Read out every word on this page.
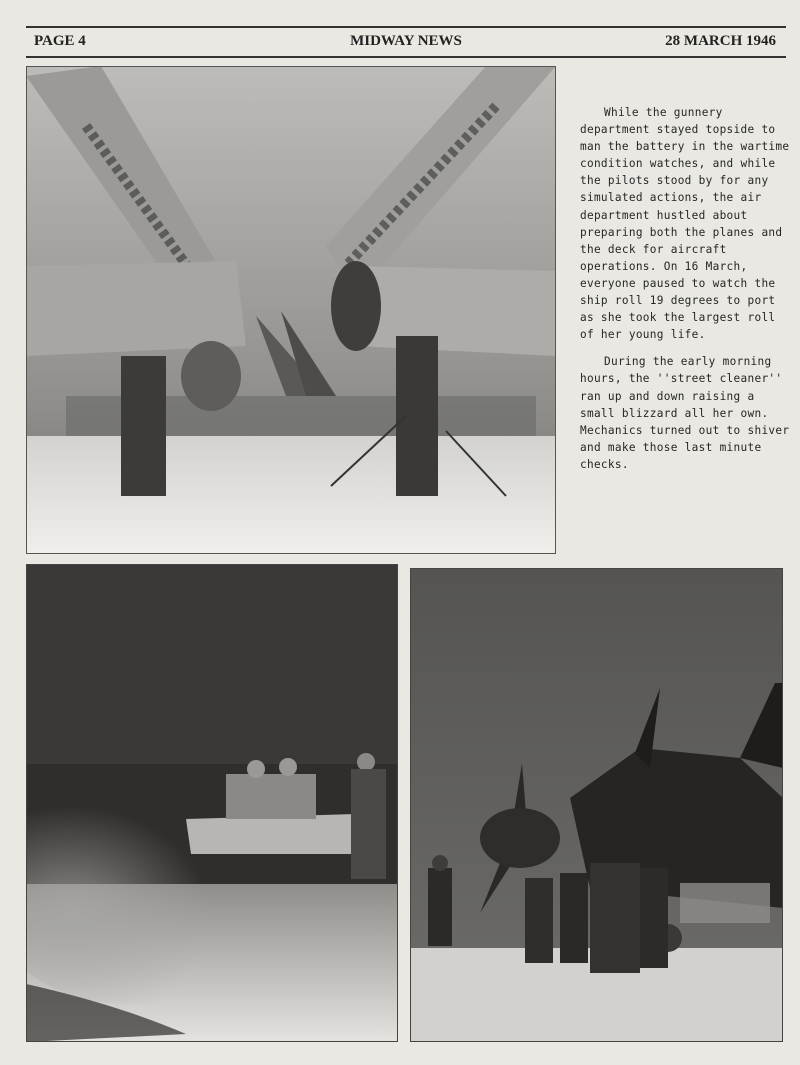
PAGE 4	MIDWAY NEWS	28 MARCH 1946

While the gunnery department stayed topside to man the battery in the wartime condition watches, and while the pilots stood by for any simulated actions, the air department hustled about preparing both the planes and the deck for aircraft operations. On 16 March, everyone paused to watch the ship roll 19 degrees to port as she took the largest roll of her young life.

During the early morning hours, the ''street cleaner'' ran up and down raising a small blizzard all her own. Mechanics turned out to shiver and make those last minute checks.
